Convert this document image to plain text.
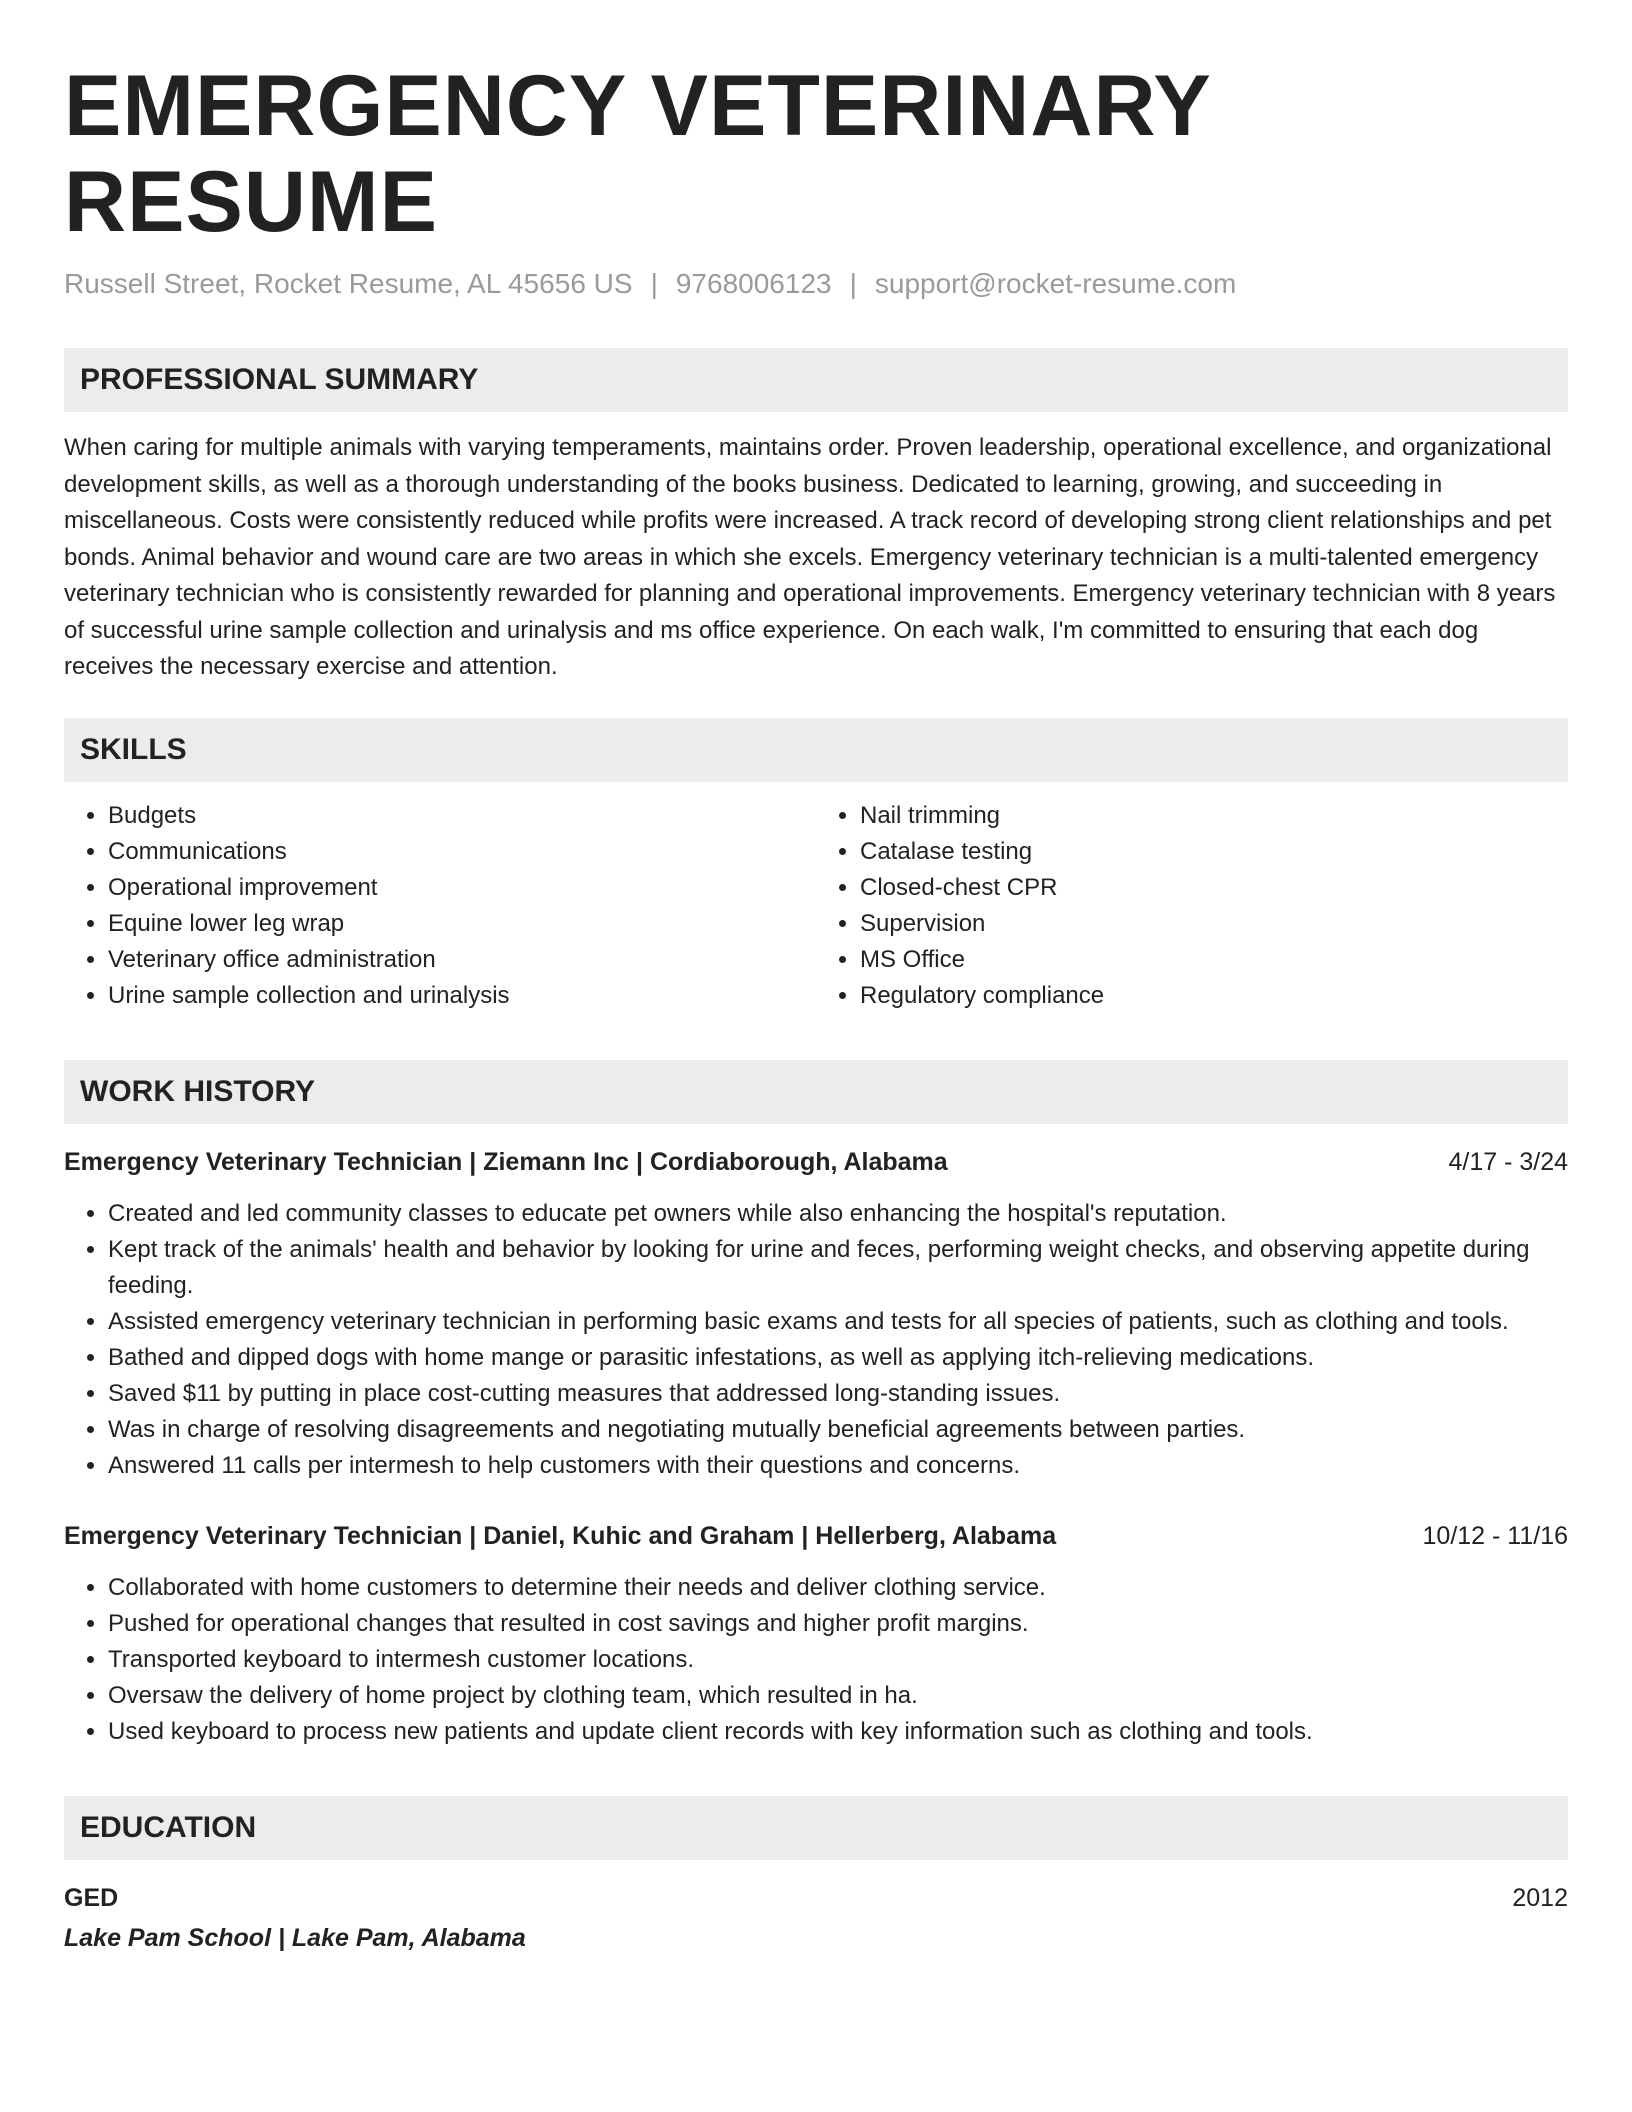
EMERGENCY VETERINARY RESUME
Russell Street, Rocket Resume, AL 45656 US | 9768006123 | support@rocket-resume.com
PROFESSIONAL SUMMARY
When caring for multiple animals with varying temperaments, maintains order. Proven leadership, operational excellence, and organizational development skills, as well as a thorough understanding of the books business. Dedicated to learning, growing, and succeeding in miscellaneous. Costs were consistently reduced while profits were increased. A track record of developing strong client relationships and pet bonds. Animal behavior and wound care are two areas in which she excels. Emergency veterinary technician is a multi-talented emergency veterinary technician who is consistently rewarded for planning and operational improvements. Emergency veterinary technician with 8 years of successful urine sample collection and urinalysis and ms office experience. On each walk, I'm committed to ensuring that each dog receives the necessary exercise and attention.
SKILLS
• Budgets
• Communications
• Operational improvement
• Equine lower leg wrap
• Veterinary office administration
• Urine sample collection and urinalysis
• Nail trimming
• Catalase testing
• Closed-chest CPR
• Supervision
• MS Office
• Regulatory compliance
WORK HISTORY
Emergency Veterinary Technician | Ziemann Inc | Cordiaborough, Alabama	4/17 - 3/24
• Created and led community classes to educate pet owners while also enhancing the hospital's reputation.
• Kept track of the animals' health and behavior by looking for urine and feces, performing weight checks, and observing appetite during feeding.
• Assisted emergency veterinary technician in performing basic exams and tests for all species of patients, such as clothing and tools.
• Bathed and dipped dogs with home mange or parasitic infestations, as well as applying itch-relieving medications.
• Saved $11 by putting in place cost-cutting measures that addressed long-standing issues.
• Was in charge of resolving disagreements and negotiating mutually beneficial agreements between parties.
• Answered 11 calls per intermesh to help customers with their questions and concerns.
Emergency Veterinary Technician | Daniel, Kuhic and Graham | Hellerberg, Alabama	10/12 - 11/16
• Collaborated with home customers to determine their needs and deliver clothing service.
• Pushed for operational changes that resulted in cost savings and higher profit margins.
• Transported keyboard to intermesh customer locations.
• Oversaw the delivery of home project by clothing team, which resulted in ha.
• Used keyboard to process new patients and update client records with key information such as clothing and tools.
EDUCATION
GED	2012
Lake Pam School | Lake Pam, Alabama
